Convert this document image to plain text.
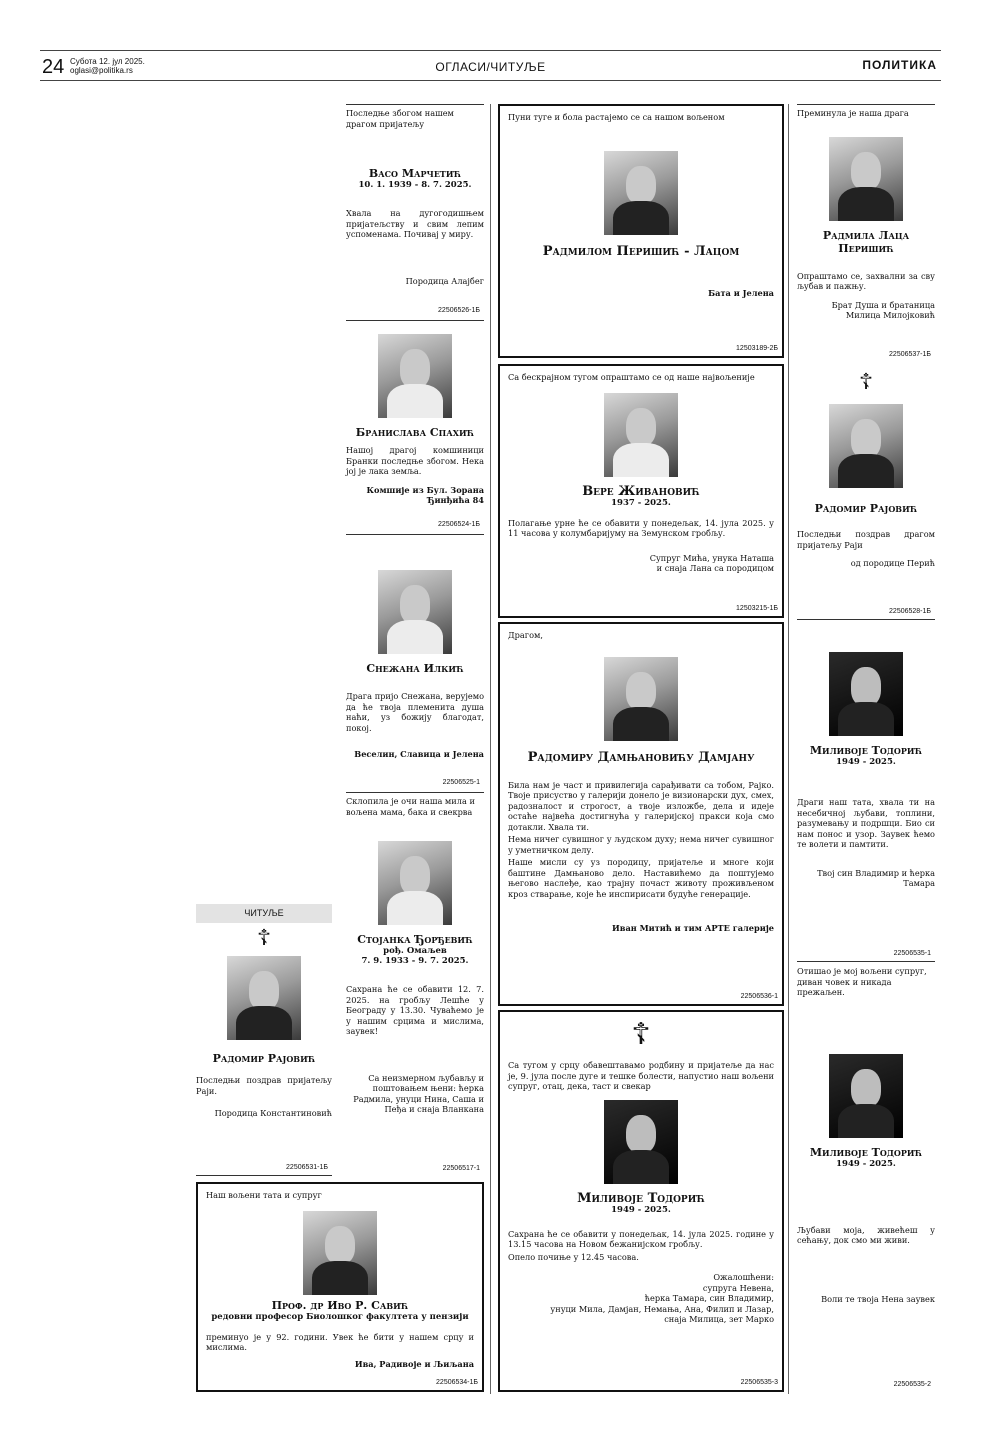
24 Субота 12. јул 2025.
oglasi@politika.rs	ОГЛАСИ/ЧИТУЉЕ	ПОЛИТИКА
Последње збогом нашем драгом пријатељу
Васо Марчетић
10. 1. 1939 - 8. 7. 2025.
Хвала на дугогодишњем пријатељству и свим лепим успоменама. Почивај у миру.
Породица Алајбег
22506526-1Б
Бранислава Спахић
Нашој драгој комшиници Бранки последње збогом. Нека јој је лака земља.
Комшије из Бул. Зорана Ђинђића 84
22506524-1Б
Снежана Илкић
Драга пријо Снежана, верујемо да ће твоја племенита душа наћи, уз божију благодат, покој.
Веселин, Славица и Јелена
22506525-1
Склопила је очи наша мила и вољена мама, бака и свекрва
Стојанка Ђорђевић
рођ. Омаљев
7. 9. 1933 - 9. 7. 2025.
Сахрана ће се обавити 12. 7. 2025. на гробљу Лешће у Београду у 13.30. Чуваћемо је у нашим срцима и мислима, заувек!
Са неизмерном љубављу и поштовањем њени: ћерка Радмила, унуци Нина, Саша и Пеђа и снаја Вланканa
22506517-1
ЧИТУЉЕ
☦
Радомир Рајовић
Последњи поздрав пријатељу Раји.
Породица Константиновић
22506531-1Б
Наш вољени тата и супруг
Проф. др Иво Р. Савић
редовни професор Биолошког факултета у пензији
преминуо је у 92. години. Увек ће бити у нашем срцу и мислима.
Ива, Радивоје и Љиљана
22506534-1Б
Пуни туге и бола растајемо се са нашом вољеном
Радмилом Перишић - Лацом
Бата и Јелена
12503189-2Б
Са бескрајном тугом опраштамо се од наше највољеније
Вере Живановић
1937 - 2025.
Полагање урне ће се обавити у понедељак, 14. јула 2025. у 11 часова у колумбаријуму на Земунском гробљу.
Супруг Мића, унука Наташа
и снаја Лана са породицом
12503215-1Б
Драгом,
Радомиру Дамњановићу Дамјану
Била нам је част и привилегија сарађивати са тобом, Рајко. Твоје присуство у галерији донело је визионарски дух, смех, радозналост и строгост, а твоје изложбе, дела и идеје остаће највећа достигнућа у галеријској пракси која смо дотакли. Хвала ти.
Нема ничег сувишног у људском духу; нема ничег сувишног у уметничком делу.
Наше мисли су уз породицу, пријатеље и многе који баштине Дамњаново дело. Наставићемо да поштујемо његово наслеђе, као трајну почаст животу проживљеном кроз стварање, које ће инспирисати будуће генерације.
Иван Митић и тим АРТЕ галерије
22506536-1
☦
Са тугом у срцу обавештавамо родбину и пријатеље да нас је, 9. јула после дуге и тешке болести, напустио наш вољени супруг, отац, дека, таст и свекар
Миливоје Тодорић
1949 - 2025.
Сахрана ће се обавити у понедељак, 14. јула 2025. године у 13.15 часова на Новом бежанијском гробљу.
Опело почиње у 12.45 часова.
Ожалошћени:
супруга Невена,
ћерка Тамара, син Владимир,
унуци Мила, Дамјан, Немања, Ана, Филип и Лазар,
снаја Милица, зет Марко
22506535-3
Преминула је наша драга
Радмила Лаца Перишић
Опраштамо се, захвални за сву љубав и пажњу.
Брат Душа и братаница Милица Милојковић
22506537-1Б
☦
Радомир Рајовић
Последњи поздрав драгом пријатељу Раји
од породице Перић
22506528-1Б
Миливоје Тодорић
1949 - 2025.
Драги наш тата, хвала ти на несебичној љубави, топлини, разумевању и подршци. Био си нам понос и узор. Заувек ћемо те волети и памтити.
Твој син Владимир и ћерка Тамара
22506535-1
Отишао је мој вољени супруг, диван човек и никада прежаљен.
Миливоје Тодорић
1949 - 2025.
Љубави моја, живећеш у сећању, док смо ми живи.
Воли те твоја Нена заувек
22506535-2
